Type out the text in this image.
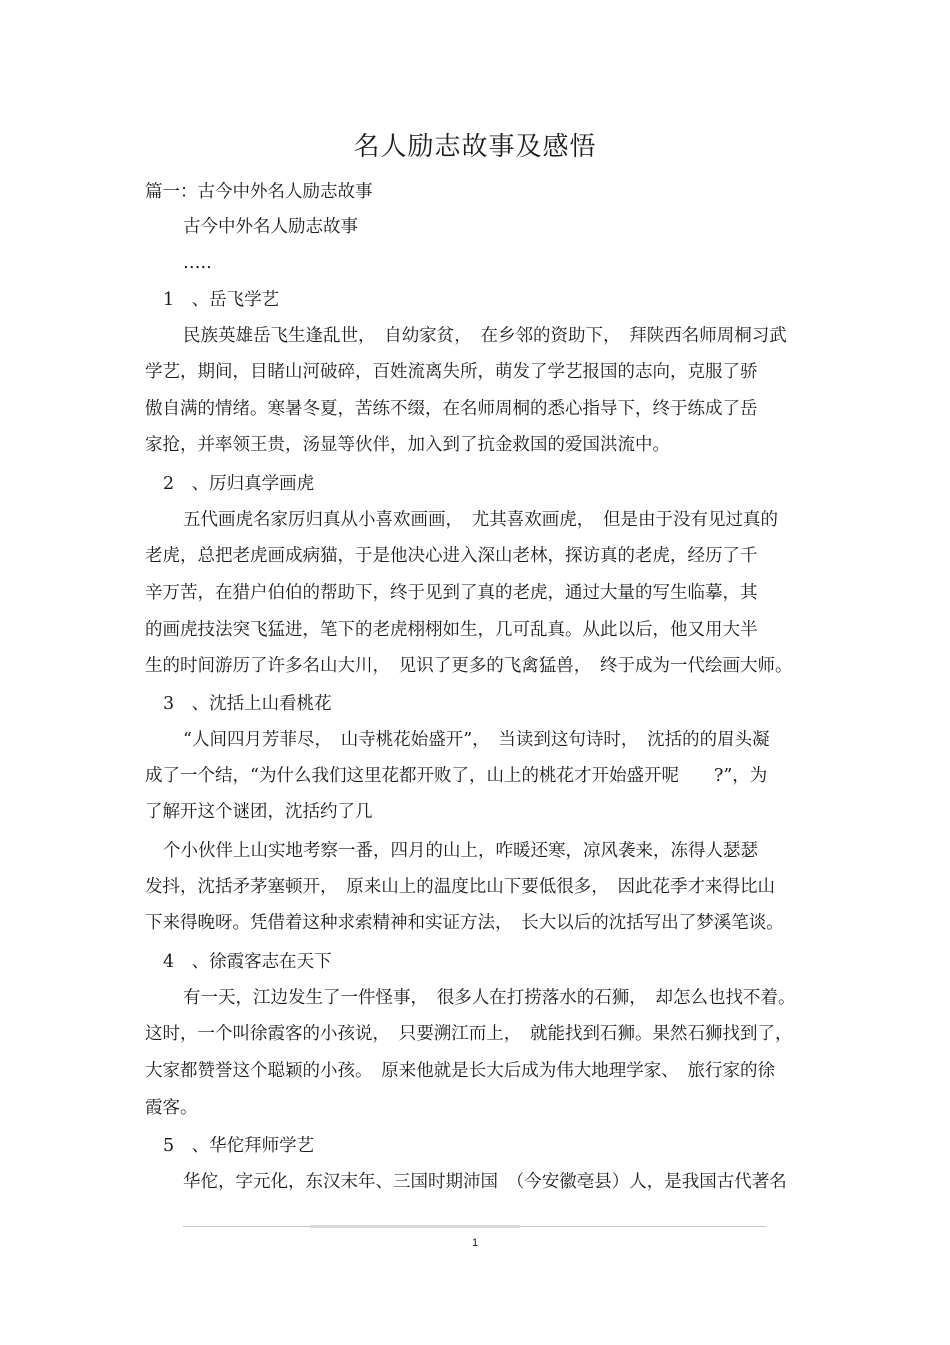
名人励志故事及感悟
篇一：古今中外名人励志故事
古今中外名人励志故事
…..
1　、岳飞学艺
民族英雄岳飞生逢乱世，　自幼家贫，　在乡邻的资助下，　拜陕西名师周桐习武
学艺，期间，目睹山河破碎，百姓流离失所，萌发了学艺报国的志向，克服了骄
傲自满的情绪。寒暑冬夏，苦练不缀，在名师周桐的悉心指导下，终于练成了岳
家抢，并率领王贵，汤显等伙伴，加入到了抗金救国的爱国洪流中。
2　、厉归真学画虎
五代画虎名家厉归真从小喜欢画画，　尤其喜欢画虎，　但是由于没有见过真的
老虎，总把老虎画成病猫，于是他决心进入深山老林，探访真的老虎，经历了千
辛万苦，在猎户伯伯的帮助下，终于见到了真的老虎，通过大量的写生临摹，其
的画虎技法突飞猛进，笔下的老虎栩栩如生，几可乱真。从此以后，他又用大半
生的时间游历了许多名山大川，　见识了更多的飞禽猛兽，　终于成为一代绘画大师。
3　、沈括上山看桃花
“人间四月芳菲尽，　山寺桃花始盛开”，　当读到这句诗时，　沈括的的眉头凝
成了一个结，“为什么我们这里花都开败了，山上的桃花才开始盛开呢　　?”，为
了解开这个谜团，沈括约了几
个小伙伴上山实地考察一番，四月的山上，咋暖还寒，凉风袭来，冻得人瑟瑟
发抖，沈括矛茅塞顿开，　原来山上的温度比山下要低很多，　因此花季才来得比山
下来得晚呀。凭借着这种求索精神和实证方法，　长大以后的沈括写出了梦溪笔谈。
4　、徐霞客志在天下
有一天，江边发生了一件怪事，　很多人在打捞落水的石狮，　却怎么也找不着。
这时，一个叫徐霞客的小孩说，　只要溯江而上，　就能找到石狮。果然石狮找到了，
大家都赞誉这个聪颖的小孩。　原来他就是长大后成为伟大地理学家、　旅行家的徐
霞客。
5　、华佗拜师学艺
华佗，字元化，东汉末年、三国时期沛国　（今安徽亳县）人，是我国古代著名
1
